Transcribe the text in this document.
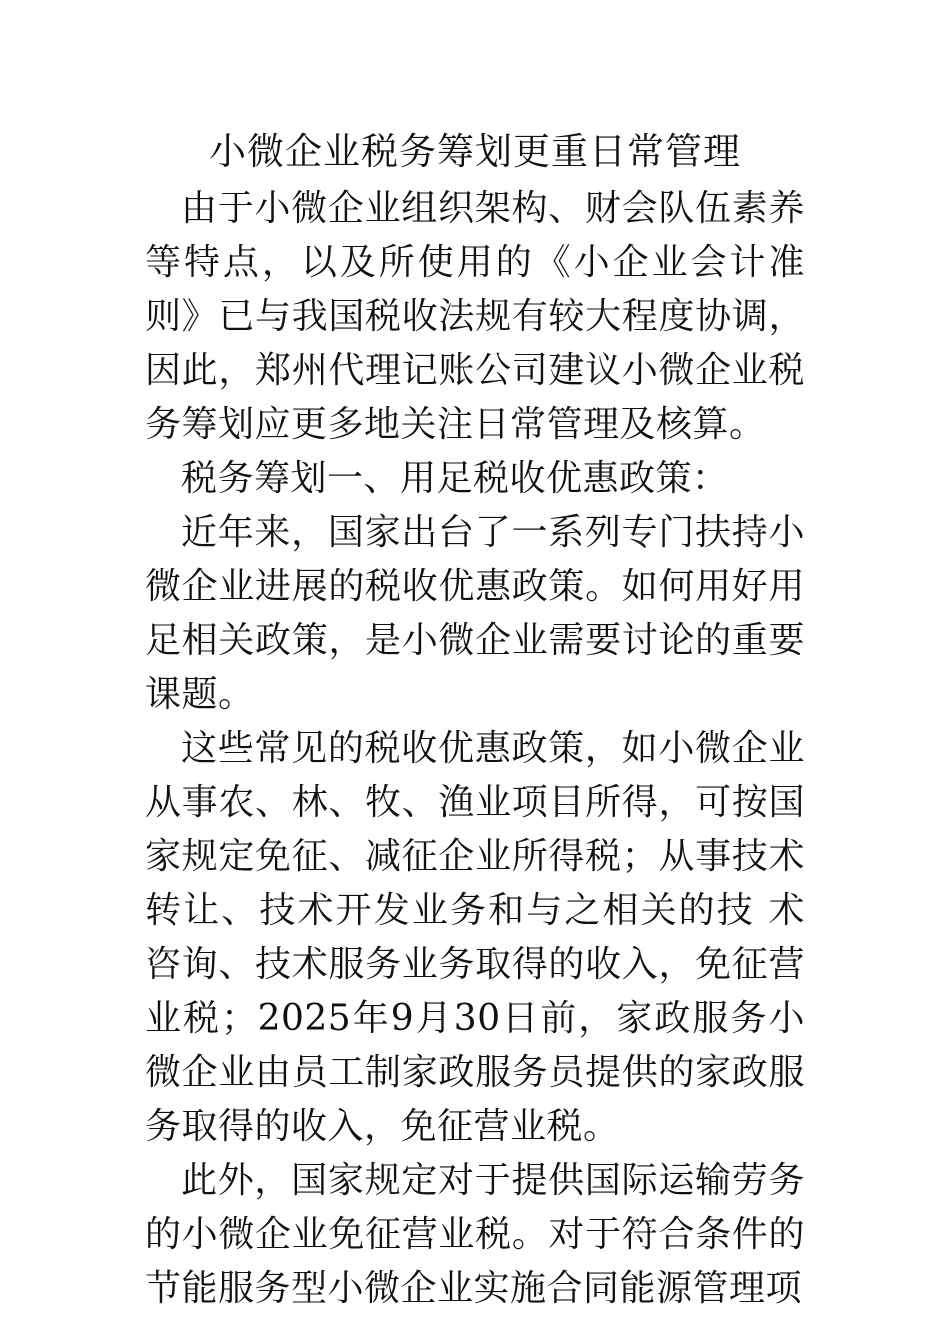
小微企业税务筹划更重日常管理

由于小微企业组织架构、财会队伍素养等特点，以及所使用的《小企业会计准则》已与我国税收法规有较大程度协调，因此，郑州代理记账公司建议小微企业税务筹划应更多地关注日常管理及核算。

税务筹划一、用足税收优惠政策：

近年来，国家出台了一系列专门扶持小微企业进展的税收优惠政策。如何用好用足相关政策，是小微企业需要讨论的重要课题。

这些常见的税收优惠政策，如小微企业从事农、林、牧、渔业项目所得，可按国家规定免征、减征企业所得税；从事技术转让、技术开发业务和与之相关的技 术咨询、技术服务业务取得的收入，免征营业税；2025年9月30日前，家政服务小微企业由员工制家政服务员提供的家政服务取得的收入，免征营业税。

此外，国家规定对于提供国际运输劳务的小微企业免征营业税。对于符合条件的节能服务型小微企业实施合同能源管理项
